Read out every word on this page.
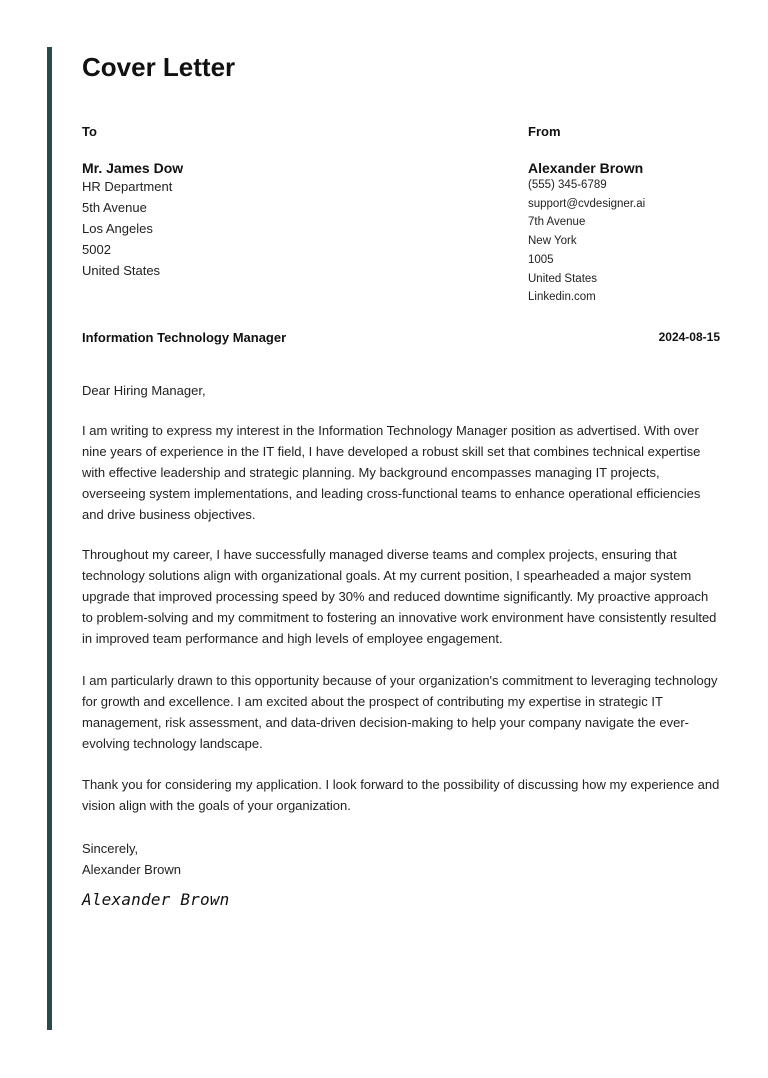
Cover Letter
To
Mr. James Dow
HR Department
5th Avenue
Los Angeles
5002
United States
From
Alexander Brown
(555) 345-6789
support@cvdesigner.ai
7th Avenue
New York
1005
United States
Linkedin.com
Information Technology Manager	2024-08-15
Dear Hiring Manager,

I am writing to express my interest in the Information Technology Manager position as advertised. With over nine years of experience in the IT field, I have developed a robust skill set that combines technical expertise with effective leadership and strategic planning. My background encompasses managing IT projects, overseeing system implementations, and leading cross-functional teams to enhance operational efficiencies and drive business objectives.

Throughout my career, I have successfully managed diverse teams and complex projects, ensuring that technology solutions align with organizational goals. At my current position, I spearheaded a major system upgrade that improved processing speed by 30% and reduced downtime significantly. My proactive approach to problem-solving and my commitment to fostering an innovative work environment have consistently resulted in improved team performance and high levels of employee engagement.

I am particularly drawn to this opportunity because of your organization's commitment to leveraging technology for growth and excellence. I am excited about the prospect of contributing my expertise in strategic IT management, risk assessment, and data-driven decision-making to help your company navigate the ever-evolving technology landscape.

Thank you for considering my application. I look forward to the possibility of discussing how my experience and vision align with the goals of your organization.

Sincerely,
Alexander Brown
Alexander Brown
